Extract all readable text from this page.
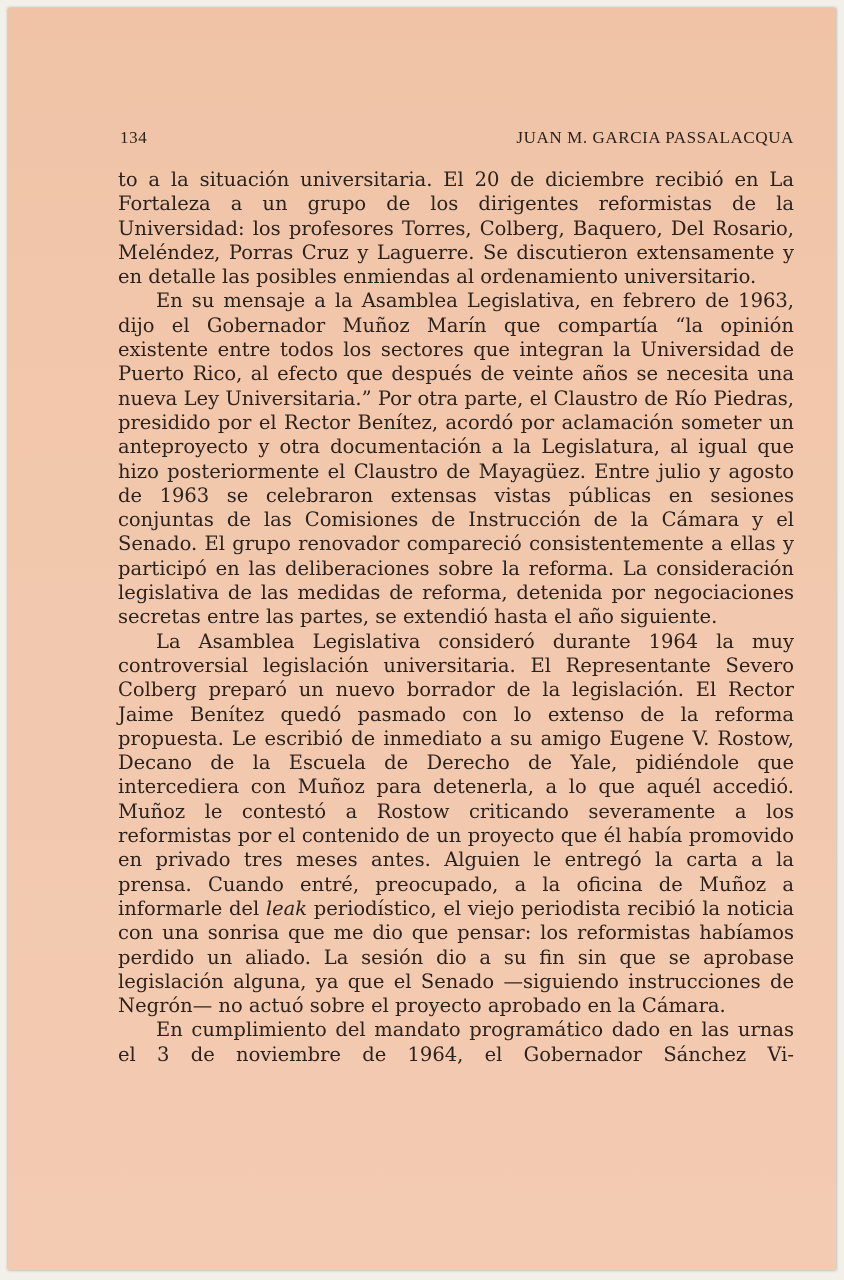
134	JUAN M. GARCIA PASSALACQUA

to a la situación universitaria. El 20 de diciembre recibió en La Fortaleza a un grupo de los dirigentes reformistas de la Universidad: los profesores Torres, Colberg, Baquero, Del Rosario, Meléndez, Porras Cruz y Laguerre. Se discutieron extensamente y en detalle las posibles enmiendas al ordenamiento universitario.

En su mensaje a la Asamblea Legislativa, en febrero de 1963, dijo el Gobernador Muñoz Marín que compartía “la opinión existente entre todos los sectores que integran la Universidad de Puerto Rico, al efecto que después de veinte años se necesita una nueva Ley Universitaria.” Por otra parte, el Claustro de Río Piedras, presidido por el Rector Benítez, acordó por aclamación someter un anteproyecto y otra documentación a la Legislatura, al igual que hizo posteriormente el Claustro de Mayagüez. Entre julio y agosto de 1963 se celebraron extensas vistas públicas en sesiones conjuntas de las Comisiones de Instrucción de la Cámara y el Senado. El grupo renovador compareció consistentemente a ellas y participó en las deliberaciones sobre la reforma. La consideración legislativa de las medidas de reforma, detenida por negociaciones secretas entre las partes, se extendió hasta el año siguiente.

La Asamblea Legislativa consideró durante 1964 la muy controversial legislación universitaria. El Representante Severo Colberg preparó un nuevo borrador de la legislación. El Rector Jaime Benítez quedó pasmado con lo extenso de la reforma propuesta. Le escribió de inmediato a su amigo Eugene V. Rostow, Decano de la Escuela de Derecho de Yale, pidiéndole que intercediera con Muñoz para detenerla, a lo que aquél accedió. Muñoz le contestó a Rostow criticando severamente a los reformistas por el contenido de un proyecto que él había promovido en privado tres meses antes. Alguien le entregó la carta a la prensa. Cuando entré, preocupado, a la oficina de Muñoz a informarle del leak periodístico, el viejo periodista recibió la noticia con una sonrisa que me dio que pensar: los reformistas habíamos perdido un aliado. La sesión dio a su fin sin que se aprobase legislación alguna, ya que el Senado —siguiendo instrucciones de Negrón— no actuó sobre el proyecto aprobado en la Cámara.

En cumplimiento del mandato programático dado en las urnas el 3 de noviembre de 1964, el Gobernador Sánchez Vi-
